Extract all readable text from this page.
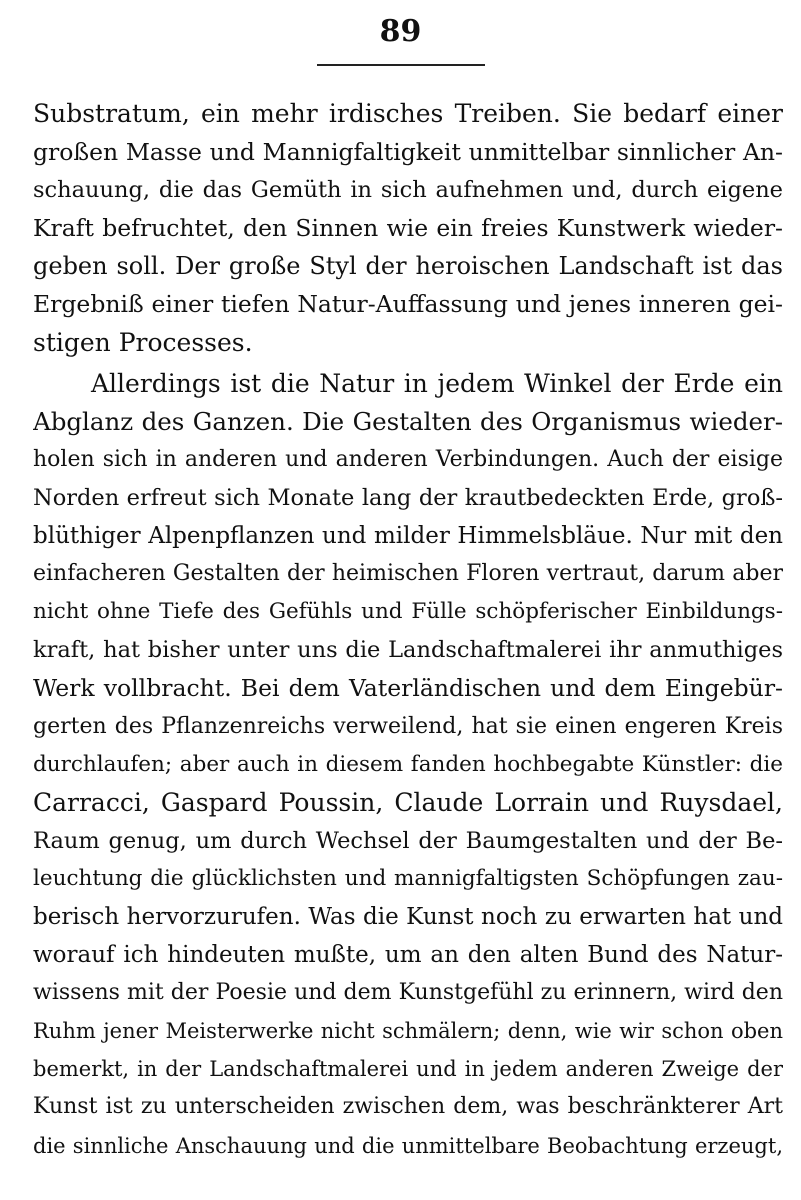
89
Substratum, ein mehr irdisches Treiben. Sie bedarf einer
großen Masse und Mannigfaltigkeit unmittelbar sinnlicher An-
schauung, die das Gemüth in sich aufnehmen und, durch eigene
Kraft befruchtet, den Sinnen wie ein freies Kunstwerk wieder-
geben soll. Der große Styl der heroischen Landschaft ist das
Ergebniß einer tiefen Natur-Auffassung und jenes inneren gei-
stigen Processes.
Allerdings ist die Natur in jedem Winkel der Erde ein
Abglanz des Ganzen. Die Gestalten des Organismus wieder-
holen sich in anderen und anderen Verbindungen. Auch der eisige
Norden erfreut sich Monate lang der krautbedeckten Erde, groß-
blüthiger Alpenpflanzen und milder Himmelsbläue. Nur mit den
einfacheren Gestalten der heimischen Floren vertraut, darum aber
nicht ohne Tiefe des Gefühls und Fülle schöpferischer Einbildungs-
kraft, hat bisher unter uns die Landschaftmalerei ihr anmuthiges
Werk vollbracht. Bei dem Vaterländischen und dem Eingebür-
gerten des Pflanzenreichs verweilend, hat sie einen engeren Kreis
durchlaufen; aber auch in diesem fanden hochbegabte Künstler: die
Carracci, Gaspard Poussin, Claude Lorrain und Ruysdael,
Raum genug, um durch Wechsel der Baumgestalten und der Be-
leuchtung die glücklichsten und mannigfaltigsten Schöpfungen zau-
berisch hervorzurufen. Was die Kunst noch zu erwarten hat und
worauf ich hindeuten mußte, um an den alten Bund des Natur-
wissens mit der Poesie und dem Kunstgefühl zu erinnern, wird den
Ruhm jener Meisterwerke nicht schmälern; denn, wie wir schon oben
bemerkt, in der Landschaftmalerei und in jedem anderen Zweige der
Kunst ist zu unterscheiden zwischen dem, was beschränkterer Art
die sinnliche Anschauung und die unmittelbare Beobachtung erzeugt,
